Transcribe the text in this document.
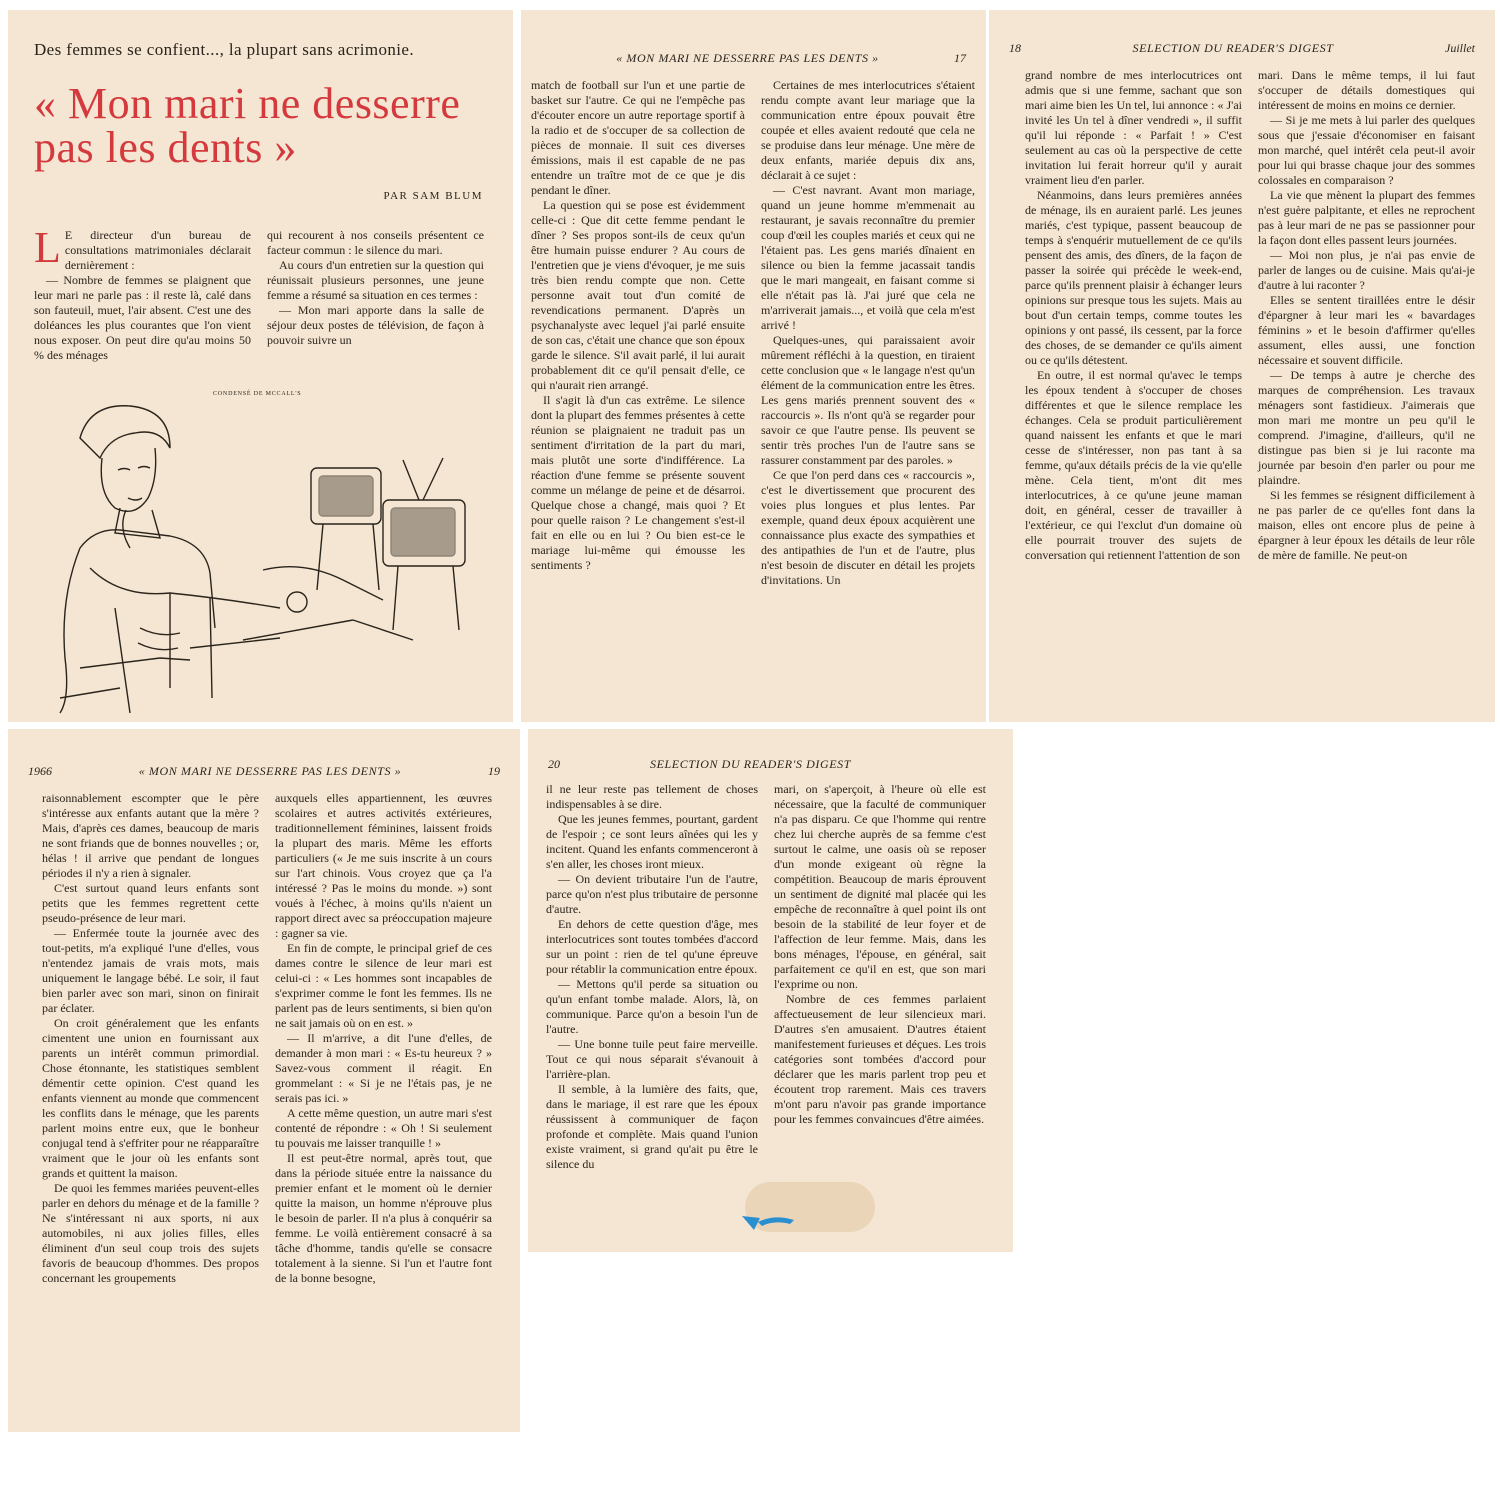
Des femmes se confient..., la plupart sans acrimonie.
« Mon mari ne desserre pas les dents »
PAR SAM BLUM

L E directeur d'un bureau de consultations matrimoniales déclarait dernièrement :

— Nombre de femmes se plaignent que leur mari ne parle pas : il reste là, calé dans son fauteuil, muet, l'air absent. C'est une des doléances les plus courantes que l'on vient nous exposer. On peut dire qu'au moins 50 % des ménages

qui recourent à nos conseils présentent ce facteur commun : le silence du mari.

Au cours d'un entretien sur la question qui réunissait plusieurs personnes, une jeune femme a résumé sa situation en ces termes :

— Mon mari apporte dans la salle de séjour deux postes de télévision, de façon à pouvoir suivre un

CONDENSÉ DE MCCALL'S
« MON MARI NE DESSERRE PAS LES DENTS »	17

match de football sur l'un et une partie de basket sur l'autre. Ce qui ne l'empêche pas d'écouter encore un autre reportage sportif à la radio et de s'occuper de sa collection de pièces de monnaie. Il suit ces diverses émissions, mais il est capable de ne pas entendre un traître mot de ce que je dis pendant le dîner.

La question qui se pose est évidemment celle-ci : Que dit cette femme pendant le dîner ? Ses propos sont-ils de ceux qu'un être humain puisse endurer ? Au cours de l'entretien que je viens d'évoquer, je me suis très bien rendu compte que non. Cette personne avait tout d'un comité de revendications permanent. D'après un psychanalyste avec lequel j'ai parlé ensuite de son cas, c'était une chance que son époux garde le silence. S'il avait parlé, il lui aurait probablement dit ce qu'il pensait d'elle, ce qui n'aurait rien arrangé.

Il s'agit là d'un cas extrême. Le silence dont la plupart des femmes présentes à cette réunion se plaignaient ne traduit pas un sentiment d'irritation de la part du mari, mais plutôt une sorte d'indifférence. La réaction d'une femme se présente souvent comme un mélange de peine et de désarroi. Quelque chose a changé, mais quoi ? Et pour quelle raison ? Le changement s'est-il fait en elle ou en lui ? Ou bien est-ce le mariage lui-même qui émousse les sentiments ?

Certaines de mes interlocutrices s'étaient rendu compte avant leur mariage que la communication entre époux pouvait être coupée et elles avaient redouté que cela ne se produise dans leur ménage. Une mère de deux enfants, mariée depuis dix ans, déclarait à ce sujet :

— C'est navrant. Avant mon mariage, quand un jeune homme m'emmenait au restaurant, je savais reconnaître du premier coup d'œil les couples mariés et ceux qui ne l'étaient pas. Les gens mariés dînaient en silence ou bien la femme jacassait tandis que le mari mangeait, en faisant comme si elle n'était pas là. J'ai juré que cela ne m'arriverait jamais..., et voilà que cela m'est arrivé !

Quelques-unes, qui paraissaient avoir mûrement réfléchi à la question, en tiraient cette conclusion que « le langage n'est qu'un élément de la communication entre les êtres. Les gens mariés prennent souvent des « raccourcis ». Ils n'ont qu'à se regarder pour savoir ce que l'autre pense. Ils peuvent se sentir très proches l'un de l'autre sans se rassurer constamment par des paroles. »

Ce que l'on perd dans ces « raccourcis », c'est le divertissement que procurent des voies plus longues et plus lentes. Par exemple, quand deux époux acquièrent une connaissance plus exacte des sympathies et des antipathies de l'un et de l'autre, plus n'est besoin de discuter en détail les projets d'invitations. Un

18	SELECTION DU READER'S DIGEST	Juillet

grand nombre de mes interlocutrices ont admis que si une femme, sachant que son mari aime bien les Un tel, lui annonce : « J'ai invité les Un tel à dîner vendredi », il suffit qu'il lui réponde : « Parfait ! » C'est seulement au cas où la perspective de cette invitation lui ferait horreur qu'il y aurait vraiment lieu d'en parler.

Néanmoins, dans leurs premières années de ménage, ils en auraient parlé. Les jeunes mariés, c'est typique, passent beaucoup de temps à s'enquérir mutuellement de ce qu'ils pensent des amis, des dîners, de la façon de passer la soirée qui précède le week-end, parce qu'ils prennent plaisir à échanger leurs opinions sur presque tous les sujets. Mais au bout d'un certain temps, comme toutes les opinions y ont passé, ils cessent, par la force des choses, de se demander ce qu'ils aiment ou ce qu'ils détestent.

En outre, il est normal qu'avec le temps les époux tendent à s'occuper de choses différentes et que le silence remplace les échanges. Cela se produit particulièrement quand naissent les enfants et que le mari cesse de s'intéresser, non pas tant à sa femme, qu'aux détails précis de la vie qu'elle mène. Cela tient, m'ont dit mes interlocutrices, à ce qu'une jeune maman doit, en général, cesser de travailler à l'extérieur, ce qui l'exclut d'un domaine où elle pourrait trouver des sujets de conversation qui retiennent l'attention de son

mari. Dans le même temps, il lui faut s'occuper de détails domestiques qui intéressent de moins en moins ce dernier.

— Si je me mets à lui parler des quelques sous que j'essaie d'économiser en faisant mon marché, quel intérêt cela peut-il avoir pour lui qui brasse chaque jour des sommes colossales en comparaison ?

La vie que mènent la plupart des femmes n'est guère palpitante, et elles ne reprochent pas à leur mari de ne pas se passionner pour la façon dont elles passent leurs journées.

— Moi non plus, je n'ai pas envie de parler de langes ou de cuisine. Mais qu'ai-je d'autre à lui raconter ?

Elles se sentent tiraillées entre le désir d'épargner à leur mari les « bavardages féminins » et le besoin d'affirmer qu'elles assument, elles aussi, une fonction nécessaire et souvent difficile.

— De temps à autre je cherche des marques de compréhension. Les travaux ménagers sont fastidieux. J'aimerais que mon mari me montre un peu qu'il le comprend. J'imagine, d'ailleurs, qu'il ne distingue pas bien si je lui raconte ma journée par besoin d'en parler ou pour me plaindre.

Si les femmes se résignent difficilement à ne pas parler de ce qu'elles font dans la maison, elles ont encore plus de peine à épargner à leur époux les détails de leur rôle de mère de famille. Ne peut-on

1966	« MON MARI NE DESSERRE PAS LES DENTS »	19

raisonnablement escompter que le père s'intéresse aux enfants autant que la mère ? Mais, d'après ces dames, beaucoup de maris ne sont friands que de bonnes nouvelles ; or, hélas ! il arrive que pendant de longues périodes il n'y a rien à signaler.

C'est surtout quand leurs enfants sont petits que les femmes regrettent cette pseudo-présence de leur mari.

— Enfermée toute la journée avec des tout-petits, m'a expliqué l'une d'elles, vous n'entendez jamais de vrais mots, mais uniquement le langage bébé. Le soir, il faut bien parler avec son mari, sinon on finirait par éclater.

On croit généralement que les enfants cimentent une union en fournissant aux parents un intérêt commun primordial. Chose étonnante, les statistiques semblent démentir cette opinion. C'est quand les enfants viennent au monde que commencent les conflits dans le ménage, que les parents parlent moins entre eux, que le bonheur conjugal tend à s'effriter pour ne réapparaître vraiment que le jour où les enfants sont grands et quittent la maison.

De quoi les femmes mariées peuvent-elles parler en dehors du ménage et de la famille ? Ne s'intéressant ni aux sports, ni aux automobiles, ni aux jolies filles, elles éliminent d'un seul coup trois des sujets favoris de beaucoup d'hommes. Des propos concernant les groupements

auxquels elles appartiennent, les œuvres scolaires et autres activités extérieures, traditionnellement féminines, laissent froids la plupart des maris. Même les efforts particuliers (« Je me suis inscrite à un cours sur l'art chinois. Vous croyez que ça l'a intéressé ? Pas le moins du monde. ») sont voués à l'échec, à moins qu'ils n'aient un rapport direct avec sa préoccupation majeure : gagner sa vie.

En fin de compte, le principal grief de ces dames contre le silence de leur mari est celui-ci : « Les hommes sont incapables de s'exprimer comme le font les femmes. Ils ne parlent pas de leurs sentiments, si bien qu'on ne sait jamais où on en est. »

— Il m'arrive, a dit l'une d'elles, de demander à mon mari : « Es-tu heureux ? » Savez-vous comment il réagit. En grommelant : « Si je ne l'étais pas, je ne serais pas ici. »

A cette même question, un autre mari s'est contenté de répondre : « Oh ! Si seulement tu pouvais me laisser tranquille ! »

Il est peut-être normal, après tout, que dans la période située entre la naissance du premier enfant et le moment où le dernier quitte la maison, un homme n'éprouve plus le besoin de parler. Il n'a plus à conquérir sa femme. Le voilà entièrement consacré à sa tâche d'homme, tandis qu'elle se consacre totalement à la sienne. Si l'un et l'autre font de la bonne besogne,

20	SELECTION DU READER'S DIGEST

il ne leur reste pas tellement de choses indispensables à se dire.

Que les jeunes femmes, pourtant, gardent de l'espoir ; ce sont leurs aînées qui les y incitent. Quand les enfants commenceront à s'en aller, les choses iront mieux.

— On devient tributaire l'un de l'autre, parce qu'on n'est plus tributaire de personne d'autre.

En dehors de cette question d'âge, mes interlocutrices sont toutes tombées d'accord sur un point : rien de tel qu'une épreuve pour rétablir la communication entre époux.

— Mettons qu'il perde sa situation ou qu'un enfant tombe malade. Alors, là, on communique. Parce qu'on a besoin l'un de l'autre.

— Une bonne tuile peut faire merveille. Tout ce qui nous séparait s'évanouit à l'arrière-plan.

Il semble, à la lumière des faits, que, dans le mariage, il est rare que les époux réussissent à communiquer de façon profonde et complète. Mais quand l'union existe vraiment, si grand qu'ait pu être le silence du

mari, on s'aperçoit, à l'heure où elle est nécessaire, que la faculté de communiquer n'a pas disparu. Ce que l'homme qui rentre chez lui cherche auprès de sa femme c'est surtout le calme, une oasis où se reposer d'un monde exigeant où règne la compétition. Beaucoup de maris éprouvent un sentiment de dignité mal placée qui les empêche de reconnaître à quel point ils ont besoin de la stabilité de leur foyer et de l'affection de leur femme. Mais, dans les bons ménages, l'épouse, en général, sait parfaitement ce qu'il en est, que son mari l'exprime ou non.

Nombre de ces femmes parlaient affectueusement de leur silencieux mari. D'autres s'en amusaient. D'autres étaient manifestement furieuses et déçues. Les trois catégories sont tombées d'accord pour déclarer que les maris parlent trop peu et écoutent trop rarement. Mais ces travers m'ont paru n'avoir pas grande importance pour les femmes convaincues d'être aimées.
